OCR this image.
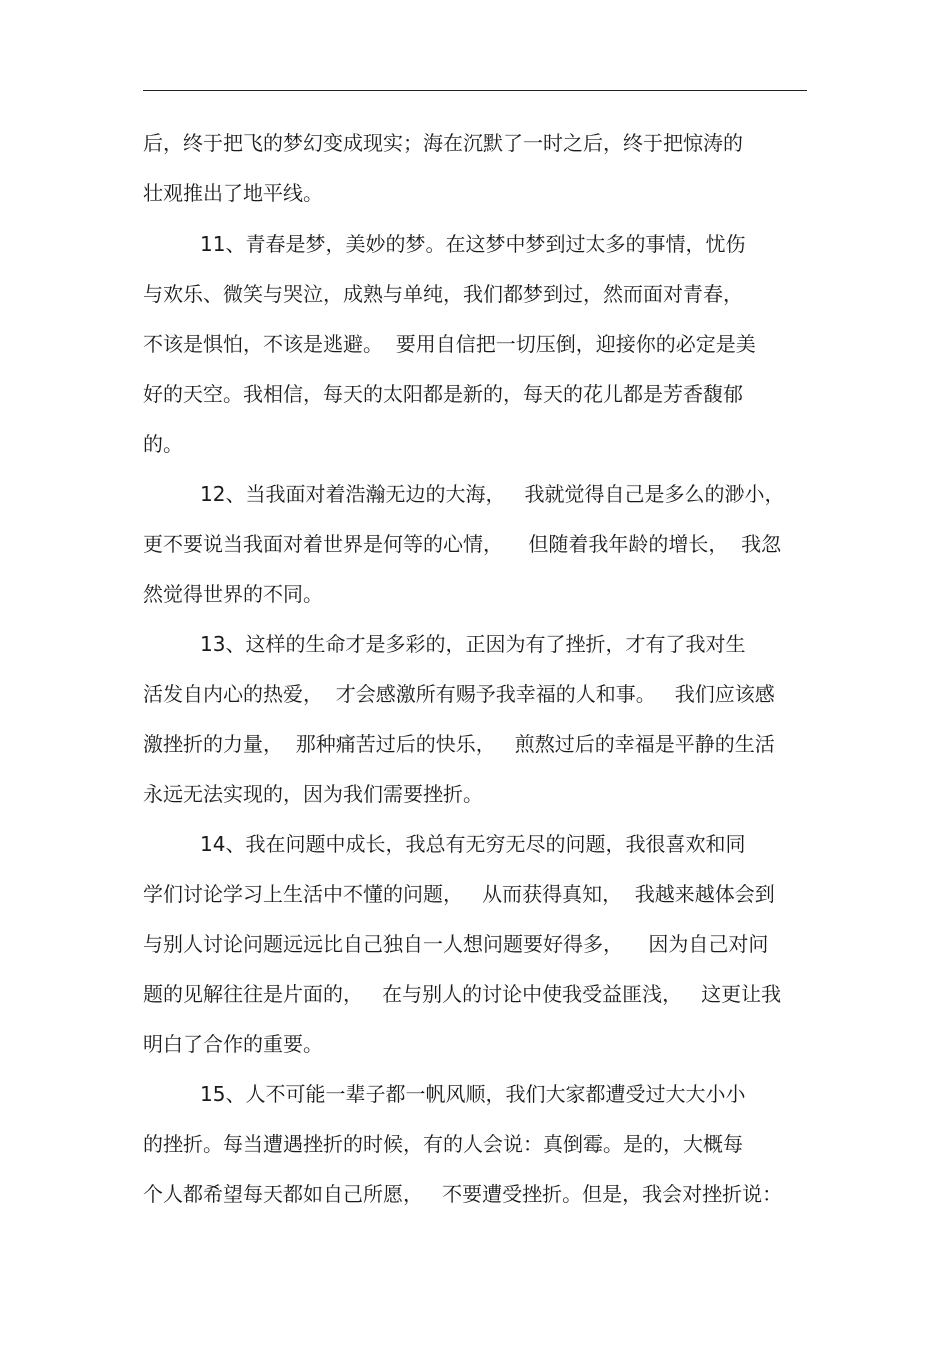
后，终于把飞的梦幻变成现实；海在沉默了一时之后，终于把惊涛的
壮观推出了地平线。
11、青春是梦，美妙的梦。在这梦中梦到过太多的事情，忧伤
与欢乐、微笑与哭泣，成熟与单纯，我们都梦到过，然而面对青春，
不该是惧怕，不该是逃避。  要用自信把一切压倒，迎接你的必定是美
好的天空。我相信，每天的太阳都是新的，每天的花儿都是芳香馥郁
的。
12、当我面对着浩瀚无边的大海，   我就觉得自己是多么的渺小，
更不要说当我面对着世界是何等的心情，    但随着我年龄的增长，  我忽
然觉得世界的不同。
13、这样的生命才是多彩的，正因为有了挫折，才有了我对生
活发自内心的热爱，  才会感激所有赐予我幸福的人和事。   我们应该感
激挫折的力量，  那种痛苦过后的快乐，   煎熬过后的幸福是平静的生活
永远无法实现的，因为我们需要挫折。
14、我在问题中成长，我总有无穷无尽的问题，我很喜欢和同
学们讨论学习上生活中不懂的问题，   从而获得真知，  我越来越体会到
与别人讨论问题远远比自己独自一人想问题要好得多，    因为自己对问
题的见解往往是片面的，   在与别人的讨论中使我受益匪浅，   这更让我
明白了合作的重要。
15、人不可能一辈子都一帆风顺，我们大家都遭受过大大小小
的挫折。每当遭遇挫折的时候，有的人会说：真倒霉。是的，大概每
个人都希望每天都如自己所愿，   不要遭受挫折。但是，我会对挫折说：
